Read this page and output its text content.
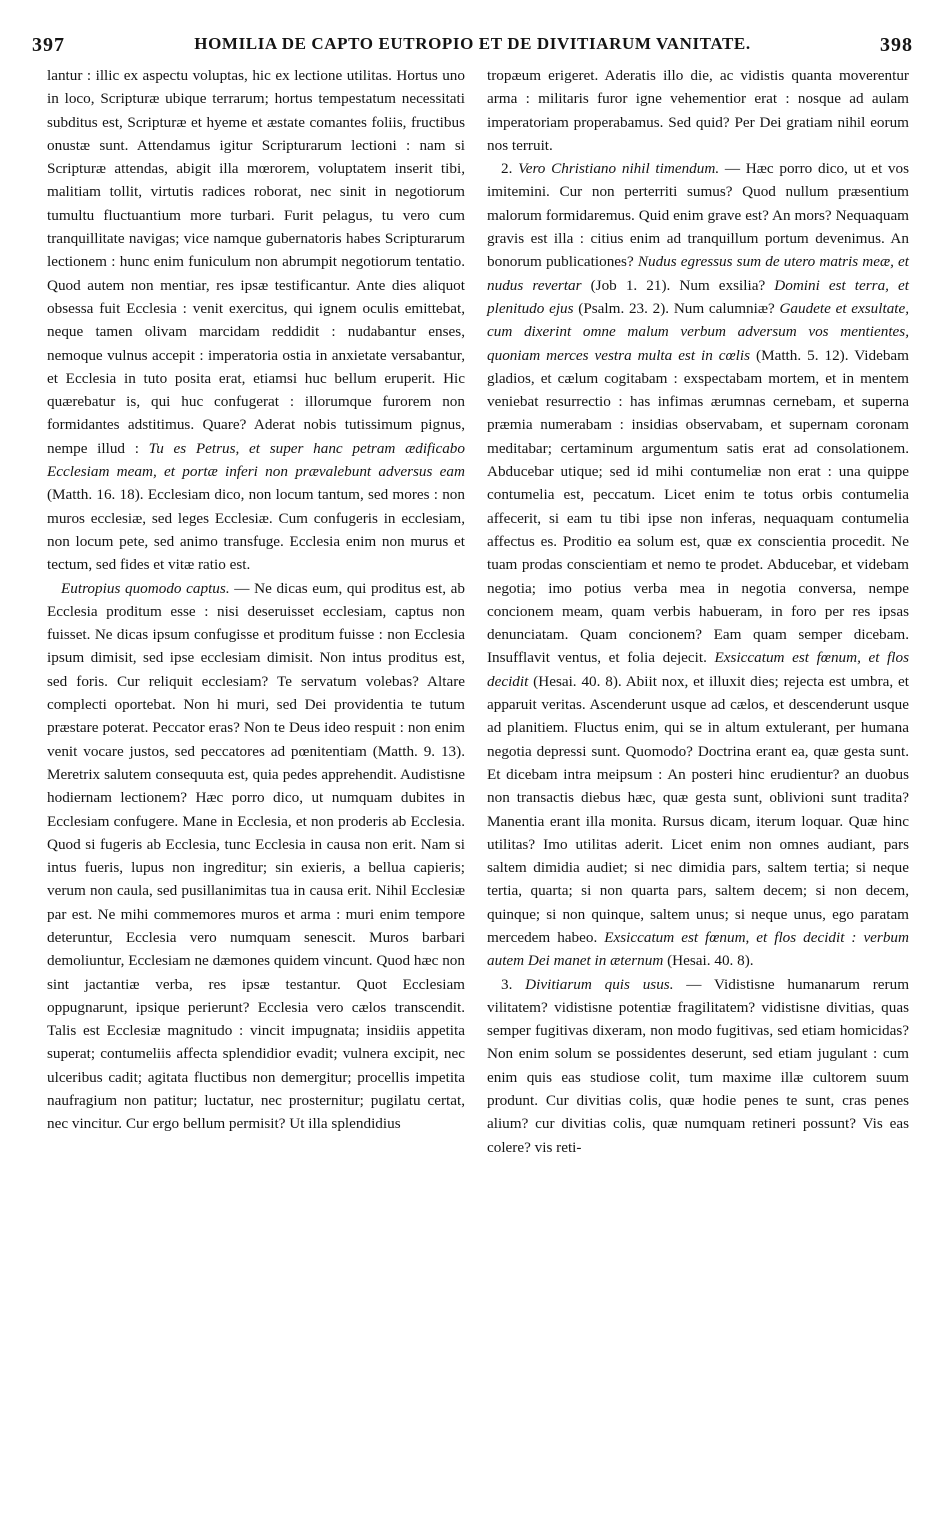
397	HOMILIA DE CAPTO EUTROPIO ET DE DIVITIARUM VANITATE.	398

lantur : illic ex aspectu voluptas, hic ex lectione utilitas. Hortus uno in loco, Scripturæ ubique terrarum; hortus tempestatum necessitati subditus est, Scripturæ et hyeme et æstate comantes foliis, fructibus onustæ sunt. Attendamus igitur Scripturarum lectioni : nam si Scripturæ attendas, abigit illa mœrorem, voluptatem inserit tibi, malitiam tollit, virtutis radices roborat, nec sinit in negotiorum tumultu fluctuantium more turbari. Furit pelagus, tu vero cum tranquillitate navigas; vice namque gubernatoris habes Scripturarum lectionem : hunc enim funiculum non abrumpit negotiorum tentatio. Quod autem non mentiar, res ipsæ testificantur. Ante dies aliquot obsessa fuit Ecclesia : venit exercitus, qui ignem oculis emittebat, neque tamen olivam marcidam reddidit : nudabantur enses, nemoque vulnus accepit : imperatoria ostia in anxietate versabantur, et Ecclesia in tuto posita erat, etiamsi huc bellum eruperit. Hic quærebatur is, qui huc confugerat : illorumque furorem non formidantes adstitimus. Quare? Aderat nobis tutissimum pignus, nempe illud : Tu es Petrus, et super hanc petram ædificabo Ecclesiam meam, et portæ inferi non prævalebunt adversus eam (Matth. 16. 18). Ecclesiam dico, non locum tantum, sed mores : non muros ecclesiæ, sed leges Ecclesiæ. Cum confugeris in ecclesiam, non locum pete, sed animo transfuge. Ecclesia enim non murus et tectum, sed fides et vitæ ratio est.

Eutropius quomodo captus. — Ne dicas eum, qui proditus est, ab Ecclesia proditum esse : nisi deseruisset ecclesiam, captus non fuisset. Ne dicas ipsum confugisse et proditum fuisse : non Ecclesia ipsum dimisit, sed ipse ecclesiam dimisit. Non intus proditus est, sed foris. Cur reliquit ecclesiam? Te servatum volebas? Altare complecti oportebat. Non hi muri, sed Dei providentia te tutum præstare poterat. Peccator eras? Non te Deus ideo respuit : non enim venit vocare justos, sed peccatores ad pœnitentiam (Matth. 9. 13). Meretrix salutem consequuta est, quia pedes apprehendit. Audistisne hodiernam lectionem? Hæc porro dico, ut numquam dubites in Ecclesiam confugere. Mane in Ecclesia, et non proderis ab Ecclesia. Quod si fugeris ab Ecclesia, tunc Ecclesia in causa non erit. Nam si intus fueris, lupus non ingreditur; sin exieris, a bellua capieris; verum non caula, sed pusillanimitas tua in causa erit. Nihil Ecclesiæ par est. Ne mihi commemores muros et arma : muri enim tempore deteruntur, Ecclesia vero numquam senescit. Muros barbari demoliuntur, Ecclesiam ne dæmones quidem vincunt. Quod hæc non sint jactantiæ verba, res ipsæ testantur. Quot Ecclesiam oppugnarunt, ipsique perierunt? Ecclesia vero cælos transcendit. Talis est Ecclesiæ magnitudo : vincit impugnata; insidiis appetita superat; contumeliis affecta splendidior evadit; vulnera excipit, nec ulceribus cadit; agitata fluctibus non demergitur; procellis impetita naufragium non patitur; luctatur, nec prosternitur; pugilatu certat, nec vincitur. Cur ergo bellum permisit? Ut illa splendidius

tropæum erigeret. Aderatis illo die, ac vidistis quanta moverentur arma : militaris furor igne vehementior erat : nosque ad aulam imperatoriam properabamus. Sed quid? Per Dei gratiam nihil eorum nos terruit.

2. Vero Christiano nihil timendum. — Hæc porro dico, ut et vos imitemini. Cur non perterriti sumus? Quod nullum præsentium malorum formidaremus. Quid enim grave est? An mors? Nequaquam gravis est illa : citius enim ad tranquillum portum devenimus. An bonorum publicationes? Nudus egressus sum de utero matris meæ, et nudus revertar (Job 1. 21). Num exsilia? Domini est terra, et plenitudo ejus (Psalm. 23. 2). Num calumniæ? Gaudete et exsultate, cum dixerint omne malum verbum adversum vos mentientes, quoniam merces vestra multa est in cœlis (Matth. 5. 12). Videbam gladios, et cælum cogitabam : exspectabam mortem, et in mentem veniebat resurrectio : has infimas ærumnas cernebam, et superna præmia numerabam : insidias observabam, et supernam coronam meditabar; certaminum argumentum satis erat ad consolationem. Abducebar utique; sed id mihi contumeliæ non erat : una quippe contumelia est, peccatum. Licet enim te totus orbis contumelia affecerit, si eam tu tibi ipse non inferas, nequaquam contumelia affectus es. Proditio ea solum est, quæ ex conscientia procedit. Ne tuam prodas conscientiam et nemo te prodet. Abducebar, et videbam negotia; imo potius verba mea in negotia conversa, nempe concionem meam, quam verbis habueram, in foro per res ipsas denunciatam. Quam concionem? Eam quam semper dicebam. Insufflavit ventus, et folia dejecit. Exsiccatum est fœnum, et flos decidit (Hesai. 40. 8). Abiit nox, et illuxit dies; rejecta est umbra, et apparuit veritas. Ascenderunt usque ad cælos, et descenderunt usque ad planitiem. Fluctus enim, qui se in altum extulerant, per humana negotia depressi sunt. Quomodo? Doctrina erant ea, quæ gesta sunt. Et dicebam intra meipsum : An posteri hinc erudientur? an duobus non transactis diebus hæc, quæ gesta sunt, oblivioni sunt tradita? Manentia erant illa monita. Rursus dicam, iterum loquar. Quæ hinc utilitas? Imo utilitas aderit. Licet enim non omnes audiant, pars saltem dimidia audiet; si nec dimidia pars, saltem tertia; si neque tertia, quarta; si non quarta pars, saltem decem; si non decem, quinque; si non quinque, saltem unus; si neque unus, ego paratam mercedem habeo. Exsiccatum est fœnum, et flos decidit : verbum autem Dei manet in æternum (Hesai. 40. 8).

3. Divitiarum quis usus. — Vidistisne humanarum rerum vilitatem? vidistisne potentiæ fragilitatem? vidistisne divitias, quas semper fugitivas dixeram, non modo fugitivas, sed etiam homicidas? Non enim solum se possidentes deserunt, sed etiam jugulant : cum enim quis eas studiose colit, tum maxime illæ cultorem suum produnt. Cur divitias colis, quæ hodie penes te sunt, cras penes alium? cur divitias colis, quæ numquam retineri possunt? Vis eas colere? vis reti-
